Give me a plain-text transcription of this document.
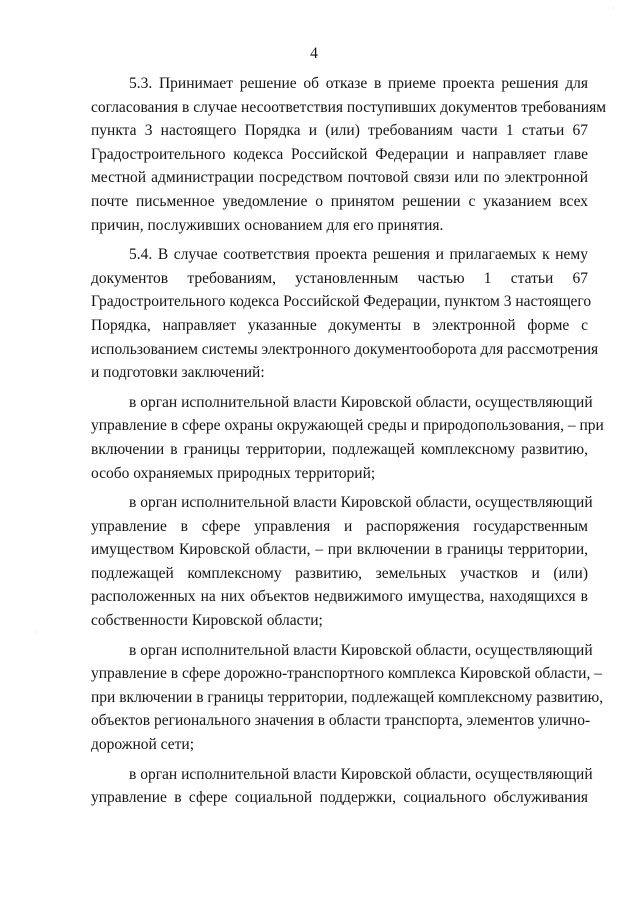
4
5.3. Принимает решение об отказе в приеме проекта решения для
согласования в случае несоответствия поступивших документов требованиям
пункта 3 настоящего Порядка и (или) требованиям части 1 статьи 67
Градостроительного кодекса Российской Федерации и направляет главе
местной администрации посредством почтовой связи или по электронной
почте письменное уведомление о принятом решении с указанием всех
причин, послуживших основанием для его принятия.
5.4. В случае соответствия проекта решения и прилагаемых к нему
документов требованиям, установленным частью 1 статьи 67
Градостроительного кодекса Российской Федерации, пунктом 3 настоящего
Порядка, направляет указанные документы в электронной форме с
использованием системы электронного документооборота для рассмотрения
и подготовки заключений:
в орган исполнительной власти Кировской области, осуществляющий
управление в сфере охраны окружающей среды и природопользования, – при
включении в границы территории, подлежащей комплексному развитию,
особо охраняемых природных территорий;
в орган исполнительной власти Кировской области, осуществляющий
управление в сфере управления и распоряжения государственным
имуществом Кировской области, – при включении в границы территории,
подлежащей комплексному развитию, земельных участков и (или)
расположенных на них объектов недвижимого имущества, находящихся в
собственности Кировской области;
в орган исполнительной власти Кировской области, осуществляющий
управление в сфере дорожно-транспортного комплекса Кировской области, –
при включении в границы территории, подлежащей комплексному развитию,
объектов регионального значения в области транспорта, элементов улично-
дорожной сети;
в орган исполнительной власти Кировской области, осуществляющий
управление в сфере социальной поддержки, социального обслуживания
·
·
